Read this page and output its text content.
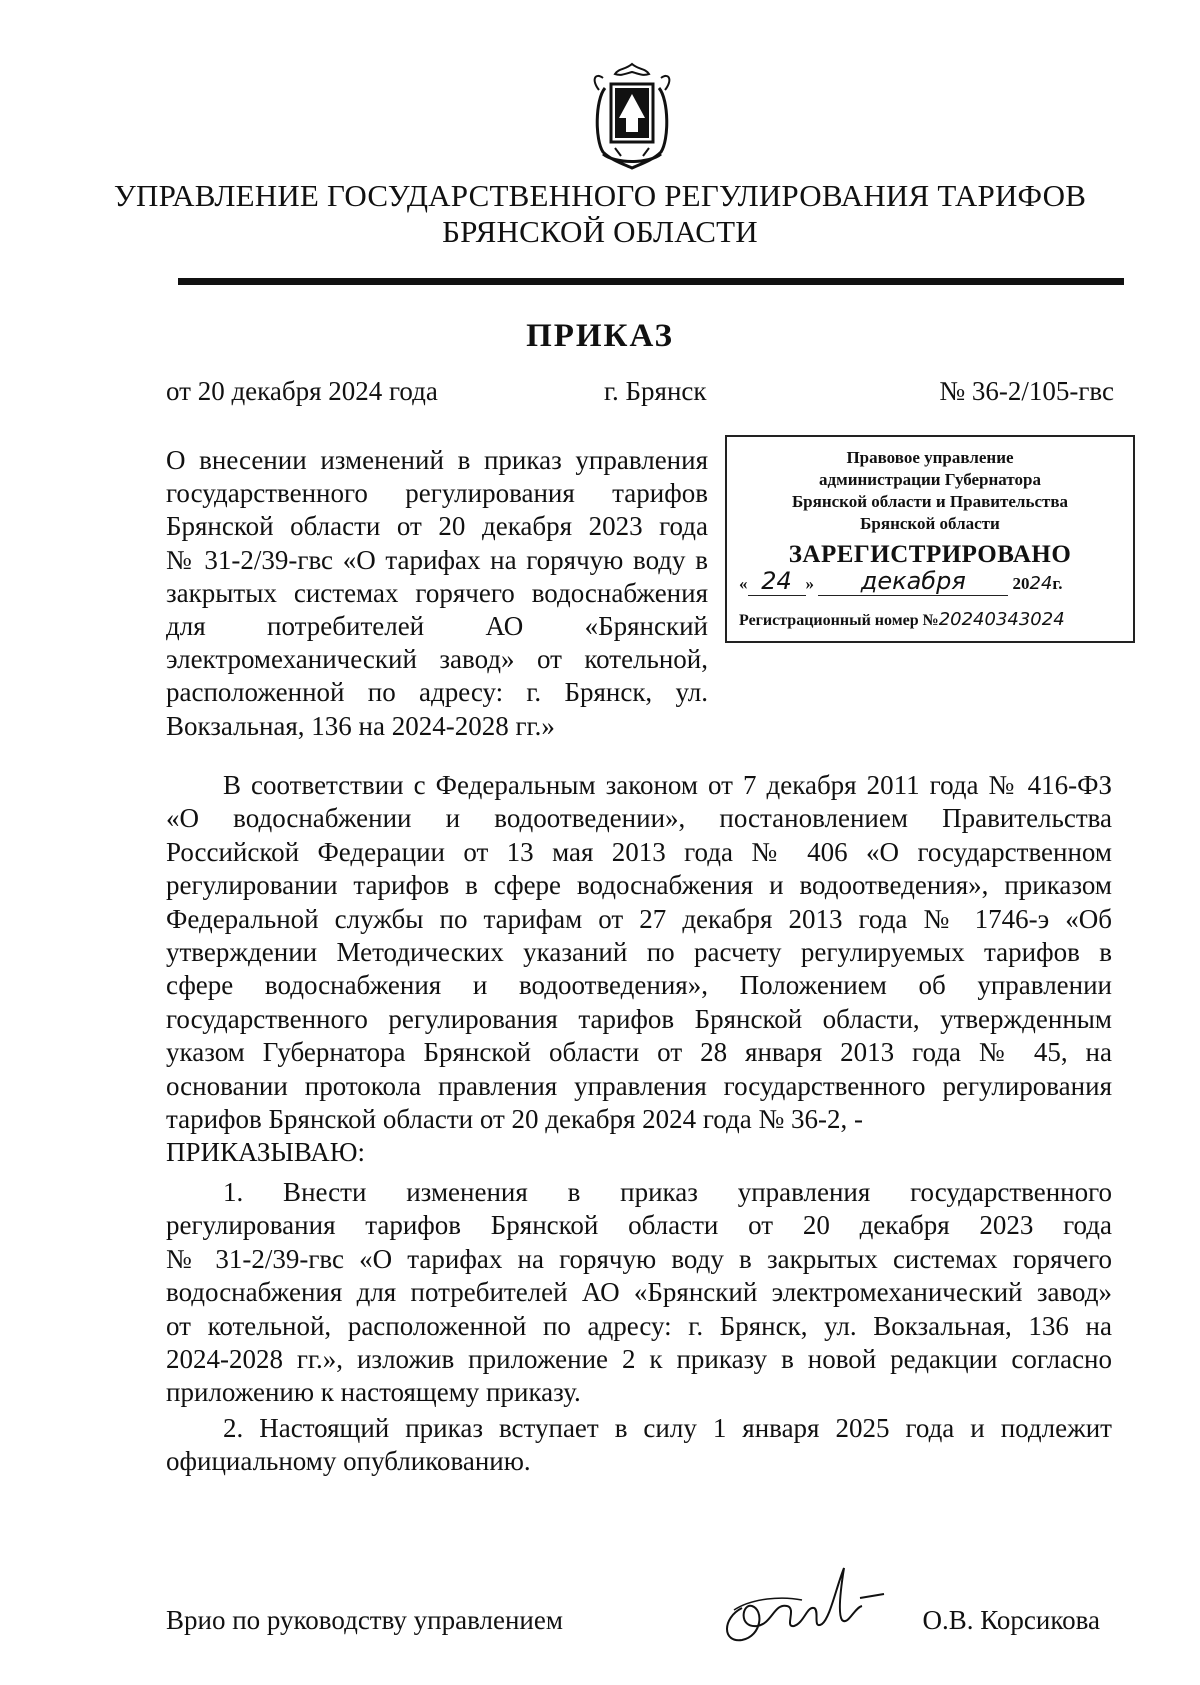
УПРАВЛЕНИЕ ГОСУДАРСТВЕННОГО РЕГУЛИРОВАНИЯ ТАРИФОВ
БРЯНСКОЙ ОБЛАСТИ
ПРИКАЗ
от 20 декабря 2024 года	г. Брянск	№ 36-2/105-гвс
О внесении изменений в приказ управления
государственного регулирования тарифов
Брянской области от 20 декабря 2023 года
№ 31-2/39-гвс «О тарифах на горячую воду в
закрытых системах горячего водоснабжения
для потребителей АО «Брянский
электромеханический завод» от котельной,
расположенной по адресу: г. Брянск, ул.
Вокзальная, 136 на 2024-2028 гг.»
Правовое управление
администрации Губернатора
Брянской области и Правительства
Брянской области
ЗАРЕГИСТРИРОВАНО
« 24 » декабря	2024г.
Регистрационный номер №20240343024
В соответствии с Федеральным законом от 7 декабря 2011 года № 416-ФЗ
«О водоснабжении и водоотведении», постановлением Правительства
Российской Федерации от 13 мая 2013 года № 406 «О государственном
регулировании тарифов в сфере водоснабжения и водоотведения», приказом
Федеральной службы по тарифам от 27 декабря 2013 года № 1746-э «Об
утверждении Методических указаний по расчету регулируемых тарифов в
сфере водоснабжения и водоотведения», Положением об управлении
государственного регулирования тарифов Брянской области, утвержденным
указом Губернатора Брянской области от 28 января 2013 года № 45, на
основании протокола правления управления государственного регулирования
тарифов Брянской области от 20 декабря 2024 года № 36-2, -
ПРИКАЗЫВАЮ:
1. Внести изменения в приказ управления государственного
регулирования тарифов Брянской области от 20 декабря 2023 года
№ 31-2/39-гвс «О тарифах на горячую воду в закрытых системах горячего
водоснабжения для потребителей АО «Брянский электромеханический завод»
от котельной, расположенной по адресу: г. Брянск, ул. Вокзальная, 136 на
2024-2028 гг.», изложив приложение 2 к приказу в новой редакции согласно
приложению к настоящему приказу.
2. Настоящий приказ вступает в силу 1 января 2025 года и подлежит
официальному опубликованию.
Врио по руководству управлением	О.В. Корсикова
